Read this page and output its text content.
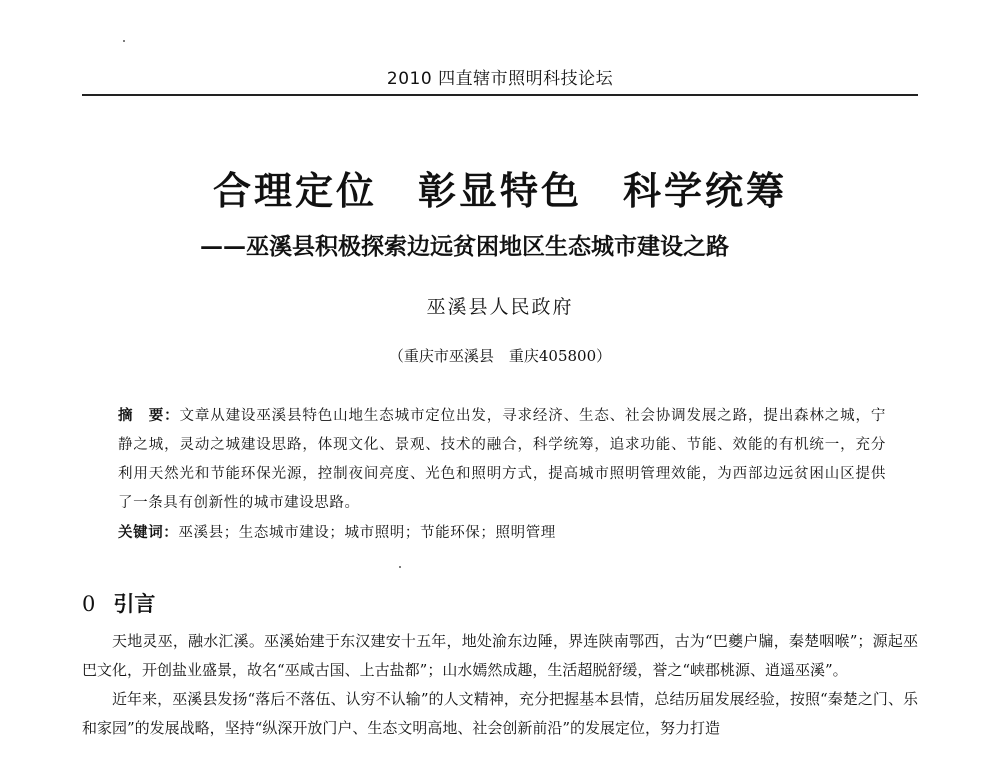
2010 四直辖市照明科技论坛
合理定位　彰显特色　科学统筹
——巫溪县积极探索边远贫困地区生态城市建设之路
巫溪县人民政府
（重庆市巫溪县　重庆405800）
摘　要：文章从建设巫溪县特色山地生态城市定位出发，寻求经济、生态、社会协调发展之路，提出森林之城，宁静之城，灵动之城建设思路，体现文化、景观、技术的融合，科学统筹，追求功能、节能、效能的有机统一，充分利用天然光和节能环保光源，控制夜间亮度、光色和照明方式，提高城市照明管理效能，为西部边远贫困山区提供了一条具有创新性的城市建设思路。
关键词：巫溪县；生态城市建设；城市照明；节能环保；照明管理
0 引言

天地灵巫，融水汇溪。巫溪始建于东汉建安十五年，地处渝东边陲，界连陕南鄂西，古为“巴夔户牖，秦楚咽喉”；源起巫巴文化，开创盐业盛景，故名“巫咸古国、上古盐都”；山水嫣然成趣，生活超脱舒缓，誉之“峡郡桃源、逍遥巫溪”。

近年来，巫溪县发扬“落后不落伍、认穷不认输”的人文精神，充分把握基本县情，总结历届发展经验，按照“秦楚之门、乐和家园”的发展战略，坚持“纵深开放门户、生态文明高地、社会创新前沿”的发展定位，努力打造
